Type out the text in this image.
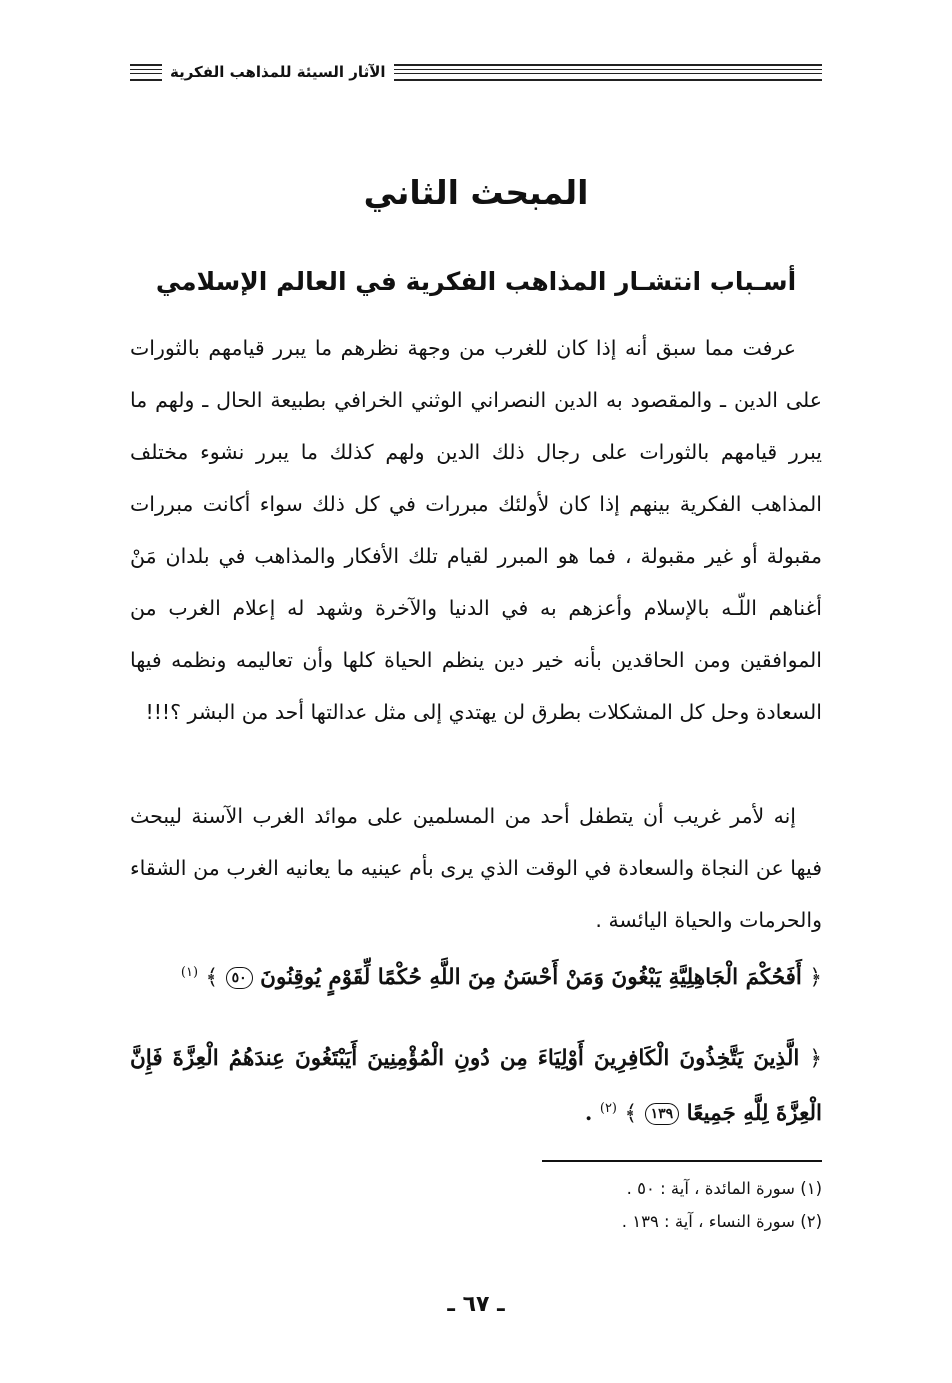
الآثار السيئة للمذاهب الفكرية
المبحث الثاني
أسـباب انتشـار المذاهب الفكرية في العالم الإسلامي
عرفت مما سبق أنه إذا كان للغرب من وجهة نظرهم ما يبرر قيامهم بالثورات على الدين ـ والمقصود به الدين النصراني الوثني الخرافي بطبيعة الحال ـ ولهم ما يبرر قيامهم بالثورات على رجال ذلك الدين ولهم كذلك ما يبرر نشوء مختلف المذاهب الفكرية بينهم إذا كان لأولئك مبررات في كل ذلك سواء أكانت مبررات مقبولة أو غير مقبولة ، فما هو المبرر لقيام تلك الأفكار والمذاهب في بلدان مَنْ أغناهم اللّـه بالإسلام وأعزهم به في الدنيا والآخرة وشهد له إعلام الغرب من الموافقين ومن الحاقدين بأنه خير دين ينظم الحياة كلها وأن تعاليمه ونظمه فيها السعادة وحل كل المشكلات بطرق لن يهتدي إلى مثل عدالتها أحد من البشر ؟!!!
إنه لأمر غريب أن يتطفل أحد من المسلمين على موائد الغرب الآسنة ليبحث فيها عن النجاة والسعادة في الوقت الذي يرى بأم عينيه ما يعانيه الغرب من الشقاء والحرمات والحياة اليائسة .
﴿ أَفَحُكْمَ الْجَاهِلِيَّةِ يَبْغُونَ وَمَنْ أَحْسَنُ مِنَ اللَّهِ حُكْمًا لِّقَوْمٍ يُوقِنُونَ ٥٠ ﴾ $^{(١)}$
﴿ الَّذِينَ يَتَّخِذُونَ الْكَافِرِينَ أَوْلِيَاءَ مِن دُونِ الْمُؤْمِنِينَ أَيَبْتَغُونَ عِندَهُمُ الْعِزَّةَ فَإِنَّ الْعِزَّةَ لِلَّهِ جَمِيعًا ١٣٩ ﴾ $^{(٢)}$ .
(١) سورة المائدة ، آية : ٥٠ .
(٢) سورة النساء ، آية : ١٣٩ .
ـ ٦٧ ـ
